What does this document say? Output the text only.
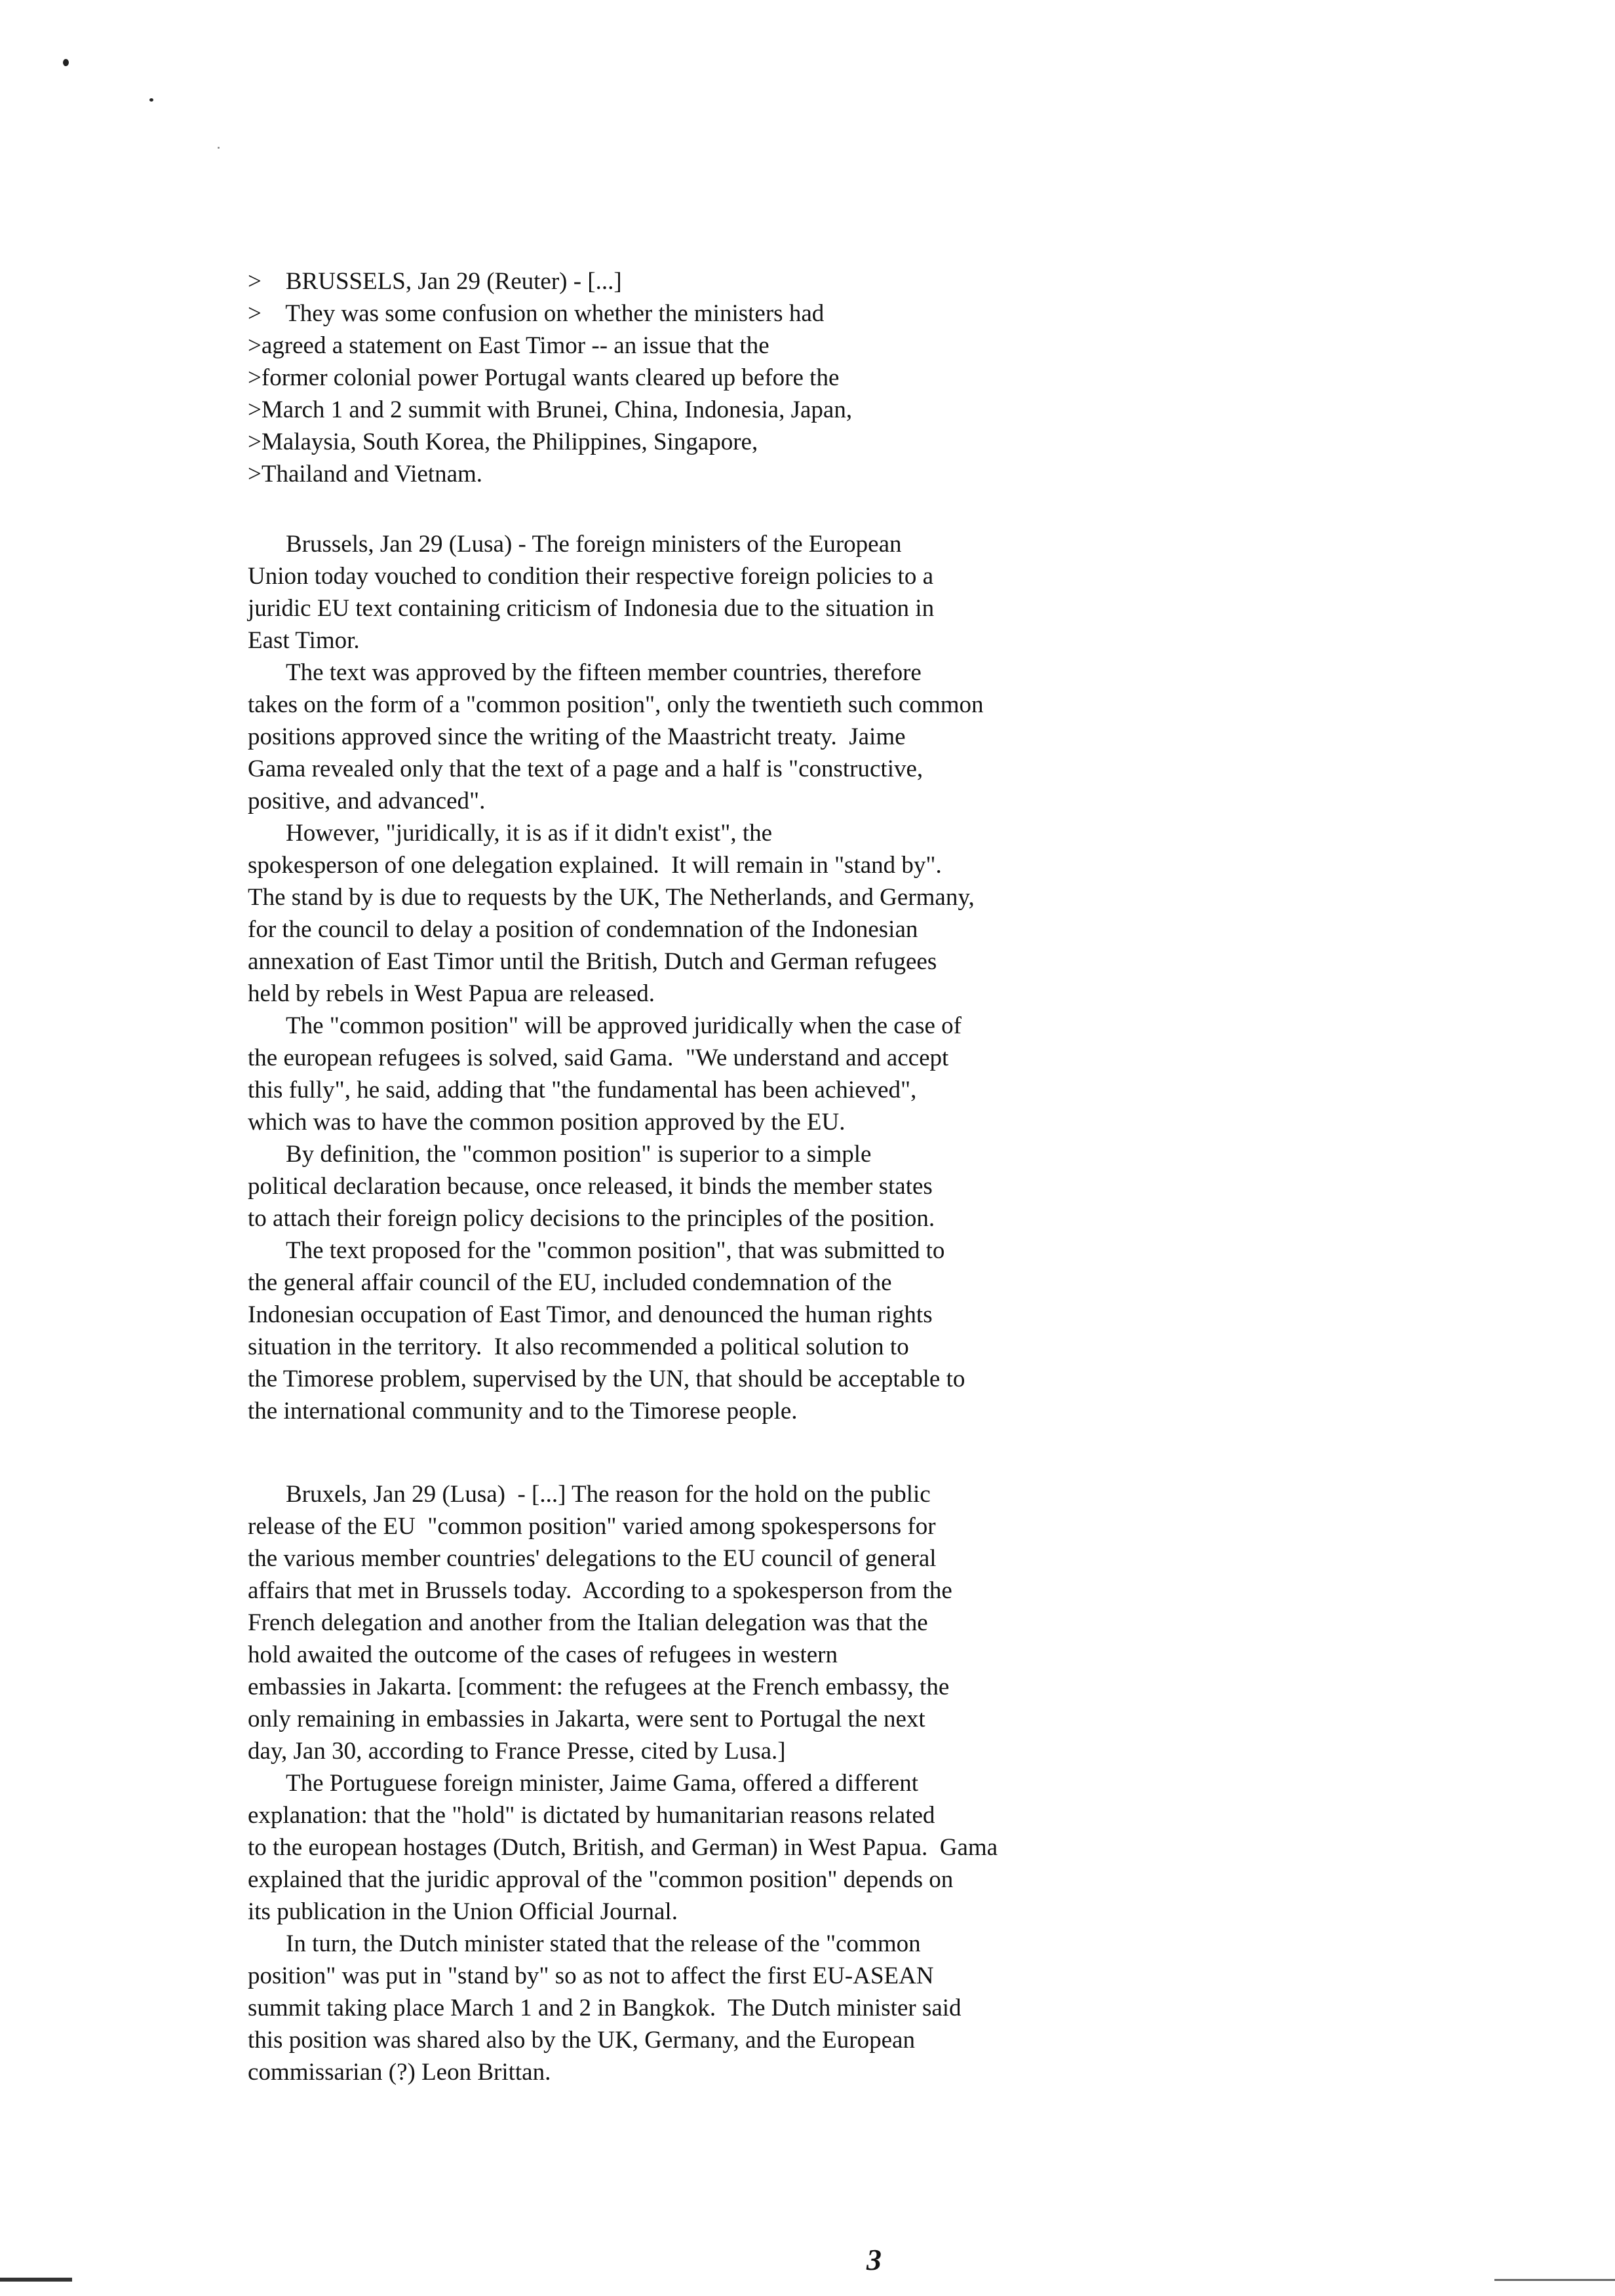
>    BRUSSELS, Jan 29 (Reuter) - [...]
>    They was some confusion on whether the ministers had
>agreed a statement on East Timor -- an issue that the
>former colonial power Portugal wants cleared up before the
>March 1 and 2 summit with Brunei, China, Indonesia, Japan,
>Malaysia, South Korea, the Philippines, Singapore,
>Thailand and Vietnam.
Brussels, Jan 29 (Lusa) - The foreign ministers of the European
Union today vouched to condition their respective foreign policies to a
juridic EU text containing criticism of Indonesia due to the situation in
East Timor.
The text was approved by the fifteen member countries, therefore
takes on the form of a "common position", only the twentieth such common
positions approved since the writing of the Maastricht treaty.  Jaime
Gama revealed only that the text of a page and a half is "constructive,
positive, and advanced".
However, "juridically, it is as if it didn't exist", the
spokesperson of one delegation explained.  It will remain in "stand by".
The stand by is due to requests by the UK, The Netherlands, and Germany,
for the council to delay a position of condemnation of the Indonesian
annexation of East Timor until the British, Dutch and German refugees
held by rebels in West Papua are released.
The "common position" will be approved juridically when the case of
the european refugees is solved, said Gama.  "We understand and accept
this fully", he said, adding that "the fundamental has been achieved",
which was to have the common position approved by the EU.
By definition, the "common position" is superior to a simple
political declaration because, once released, it binds the member states
to attach their foreign policy decisions to the principles of the position.
The text proposed for the "common position", that was submitted to
the general affair council of the EU, included condemnation of the
Indonesian occupation of East Timor, and denounced the human rights
situation in the territory.  It also recommended a political solution to
the Timorese problem, supervised by the UN, that should be acceptable to
the international community and to the Timorese people.
Bruxels, Jan 29 (Lusa)  - [...] The reason for the hold on the public
release of the EU  "common position" varied among spokespersons for
the various member countries' delegations to the EU council of general
affairs that met in Brussels today.  According to a spokesperson from the
French delegation and another from the Italian delegation was that the
hold awaited the outcome of the cases of refugees in western
embassies in Jakarta. [comment: the refugees at the French embassy, the
only remaining in embassies in Jakarta, were sent to Portugal the next
day, Jan 30, according to France Presse, cited by Lusa.]
The Portuguese foreign minister, Jaime Gama, offered a different
explanation: that the "hold" is dictated by humanitarian reasons related
to the european hostages (Dutch, British, and German) in West Papua.  Gama
explained that the juridic approval of the "common position" depends on
its publication in the Union Official Journal.
In turn, the Dutch minister stated that the release of the "common
position" was put in "stand by" so as not to affect the first EU-ASEAN
summit taking place March 1 and 2 in Bangkok.  The Dutch minister said
this position was shared also by the UK, Germany, and the European
commissarian (?) Leon Brittan.
3
